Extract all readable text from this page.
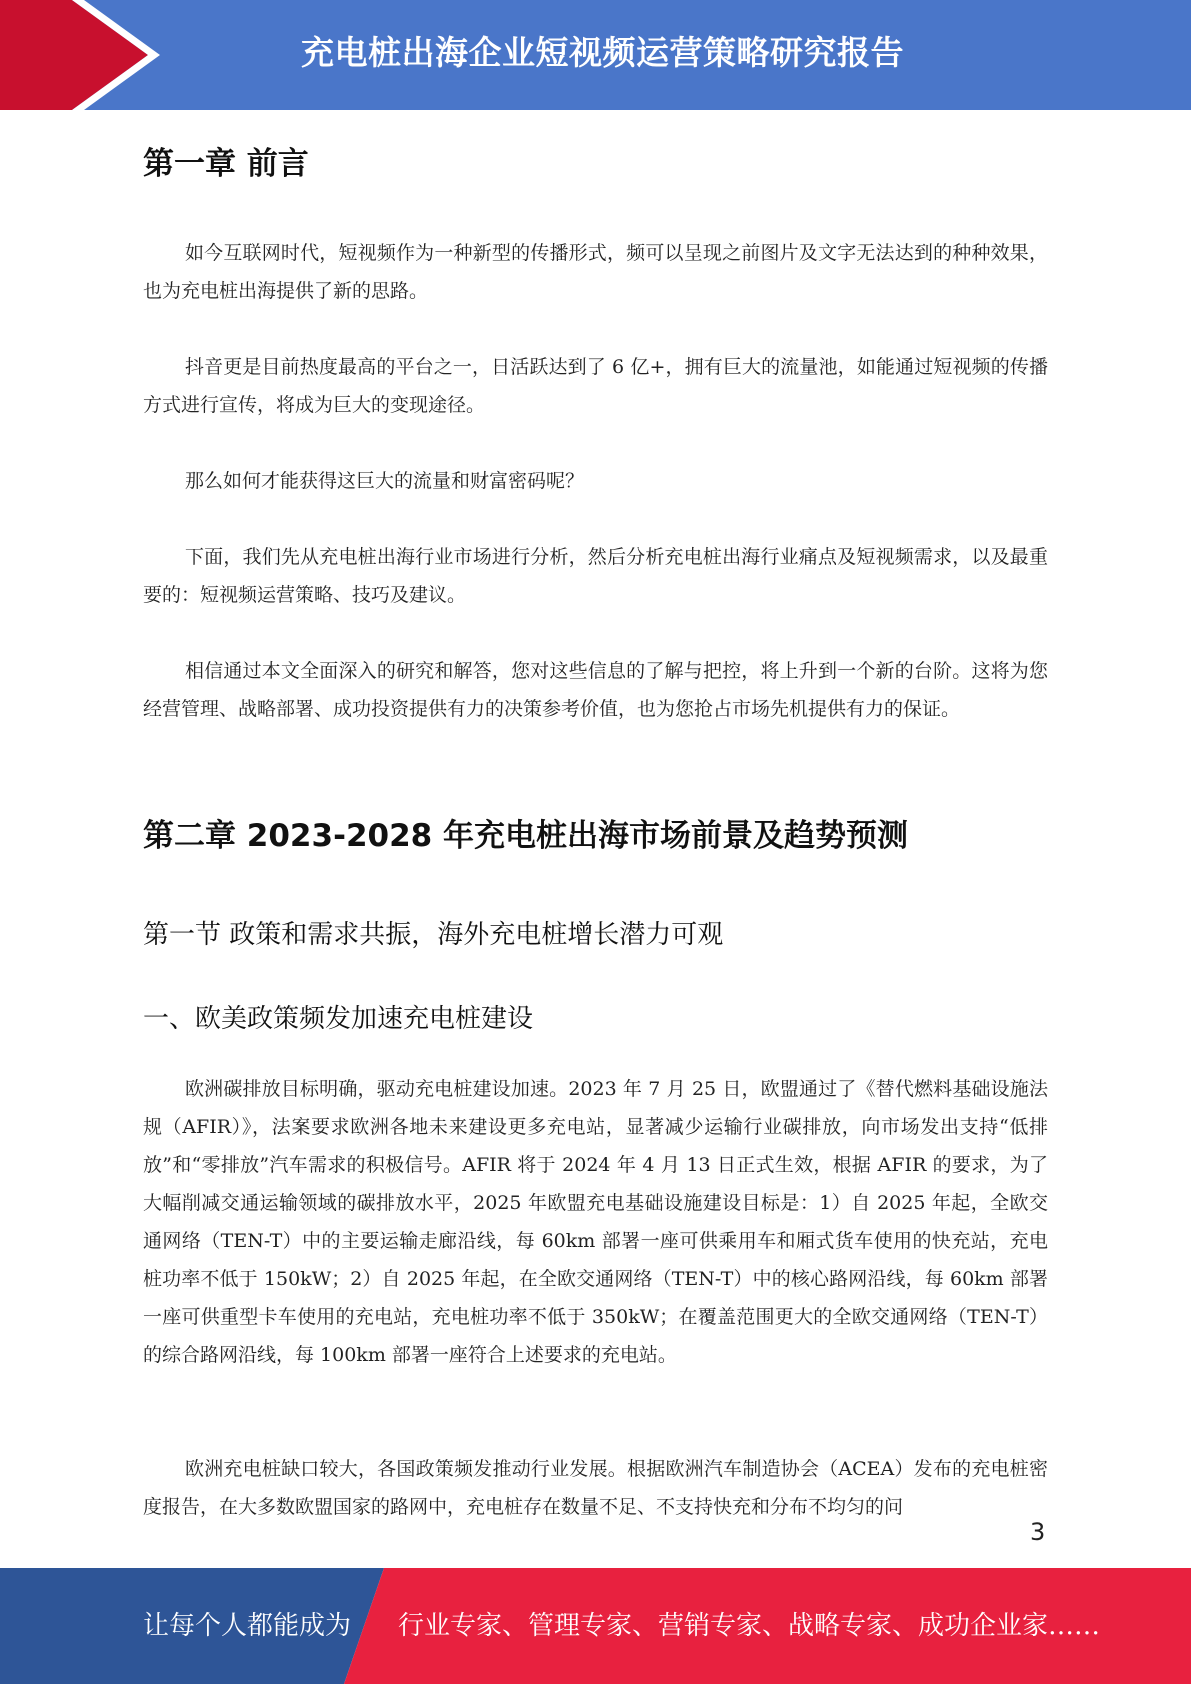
充电桩出海企业短视频运营策略研究报告
第一章 前言

如今互联网时代，短视频作为一种新型的传播形式，频可以呈现之前图片及文字无法达到的种种效果，也为充电桩出海提供了新的思路。

抖音更是目前热度最高的平台之一，日活跃达到了 6 亿+，拥有巨大的流量池，如能通过短视频的传播方式进行宣传，将成为巨大的变现途径。

那么如何才能获得这巨大的流量和财富密码呢？

下面，我们先从充电桩出海行业市场进行分析，然后分析充电桩出海行业痛点及短视频需求，以及最重要的：短视频运营策略、技巧及建议。

相信通过本文全面深入的研究和解答，您对这些信息的了解与把控，将上升到一个新的台阶。这将为您经营管理、战略部署、成功投资提供有力的决策参考价值，也为您抢占市场先机提供有力的保证。

第二章 2023-2028 年充电桩出海市场前景及趋势预测
第一节 政策和需求共振，海外充电桩增长潜力可观
一、欧美政策频发加速充电桩建设

欧洲碳排放目标明确，驱动充电桩建设加速。2023 年 7 月 25 日，欧盟通过了《替代燃料基础设施法规（AFIR）》，法案要求欧洲各地未来建设更多充电站，显著减少运输行业碳排放，向市场发出支持“低排放”和“零排放”汽车需求的积极信号。AFIR 将于 2024 年 4 月 13 日正式生效，根据 AFIR 的要求，为了大幅削减交通运输领域的碳排放水平，2025 年欧盟充电基础设施建设目标是：1）自 2025 年起，全欧交通网络（TEN-T）中的主要运输走廊沿线，每 60km 部署一座可供乘用车和厢式货车使用的快充站，充电桩功率不低于 150kW；2）自 2025 年起，在全欧交通网络（TEN-T）中的核心路网沿线，每 60km 部署一座可供重型卡车使用的充电站，充电桩功率不低于 350kW；在覆盖范围更大的全欧交通网络（TEN-T）的综合路网沿线，每 100km 部署一座符合上述要求的充电站。

欧洲充电桩缺口较大，各国政策频发推动行业发展。根据欧洲汽车制造协会（ACEA）发布的充电桩密度报告，在大多数欧盟国家的路网中，充电桩存在数量不足、不支持快充和分布不均匀的问

3
让每个人都能成为 行业专家、管理专家、营销专家、战略专家、成功企业家……
